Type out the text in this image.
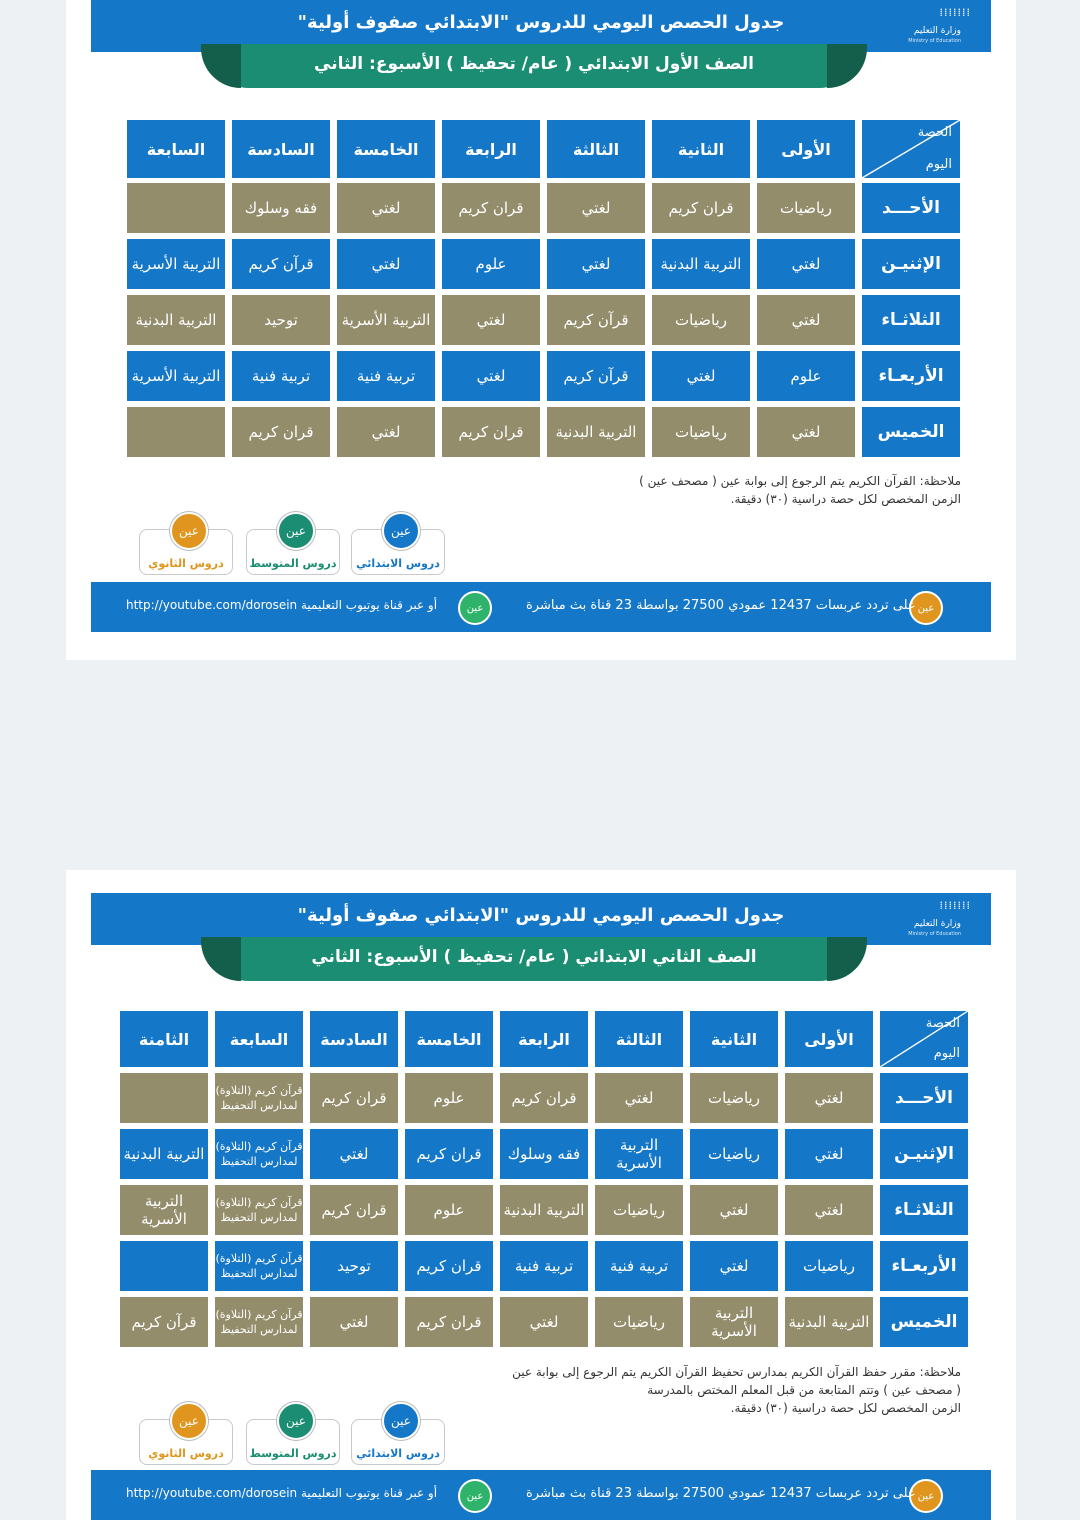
جدول الحصص اليومي للدروس "الابتدائي صفوف أولية"	⁞⁞⁞⁞⁞⁞⁞
وزارة التعليم
Ministry of Education
الصف الأول الابتدائي ( عام/ تحفيظ ) الأسبوع: الثاني
الحصة
اليوم
الأولى
الثانية
الثالثة
الرابعة
الخامسة
السادسة
السابعة
الأحـــد
رياضيات
قران كريم
لغتي
قران كريم
لغتي
فقه وسلوك
الإثنيـن
لغتي
التربية البدنية
لغتي
علوم
لغتي
قرآن كريم
التربية الأسرية
الثلاثـاء
لغتي
رياضيات
قرآن كريم
لغتي
التربية الأسرية
توحيد
التربية البدنية
الأربعـاء
علوم
لغتي
قرآن كريم
لغتي
تربية فنية
تربية فنية
التربية الأسرية
الخميس
لغتي
رياضيات
التربية البدنية
قران كريم
لغتي
قران كريم
ملاحظة: القرآن الكريم يتم الرجوع إلى بوابة عين ( مصحف عين )
الزمن المخصص لكل حصة دراسية (٣٠) دقيقة.
عين
دروس الابتدائي
عين
دروس المتوسط
عين
دروس الثانوي
عين
على تردد عربسات 12437 عمودي 27500 بواسطة 23 قناة بث مباشرة
عين
أو عبر قناة يوتيوب التعليمية http://youtube.com/dorosein
جدول الحصص اليومي للدروس "الابتدائي صفوف أولية"	⁞⁞⁞⁞⁞⁞⁞
وزارة التعليم
Ministry of Education
الصف الثاني الابتدائي ( عام/ تحفيظ ) الأسبوع: الثاني
الحصة
اليوم
الأولى
الثانية
الثالثة
الرابعة
الخامسة
السادسة
السابعة
الثامنة
الأحـــد
لغتي
رياضيات
لغتي
قران كريم
علوم
قران كريم
قرآن كريم (التلاوة) لمدارس التحفيظ
الإثنيـن
لغتي
رياضيات
التربية الأسرية
فقه وسلوك
قران كريم
لغتي
قرآن كريم (التلاوة) لمدارس التحفيظ
التربية البدنية
الثلاثـاء
لغتي
لغتي
رياضيات
التربية البدنية
علوم
قران كريم
قرآن كريم (التلاوة) لمدارس التحفيظ
التربية الأسرية
الأربعـاء
رياضيات
لغتي
تربية فنية
تربية فنية
قران كريم
توحيد
قرآن كريم (التلاوة) لمدارس التحفيظ
الخميس
التربية البدنية
التربية الأسرية
رياضيات
لغتي
قران كريم
لغتي
قرآن كريم (التلاوة) لمدارس التحفيظ
قرآن كريم
ملاحظة: مقرر حفظ القرآن الكريم بمدارس تحفيظ القرآن الكريم يتم الرجوع إلى بوابة عين
( مصحف عين ) وتتم المتابعة من قبل المعلم المختص بالمدرسة
الزمن المخصص لكل حصة دراسية (٣٠) دقيقة.
عين
دروس الابتدائي
عين
دروس المتوسط
عين
دروس الثانوي
عين
على تردد عربسات 12437 عمودي 27500 بواسطة 23 قناة بث مباشرة
عين
أو عبر قناة يوتيوب التعليمية http://youtube.com/dorosein
